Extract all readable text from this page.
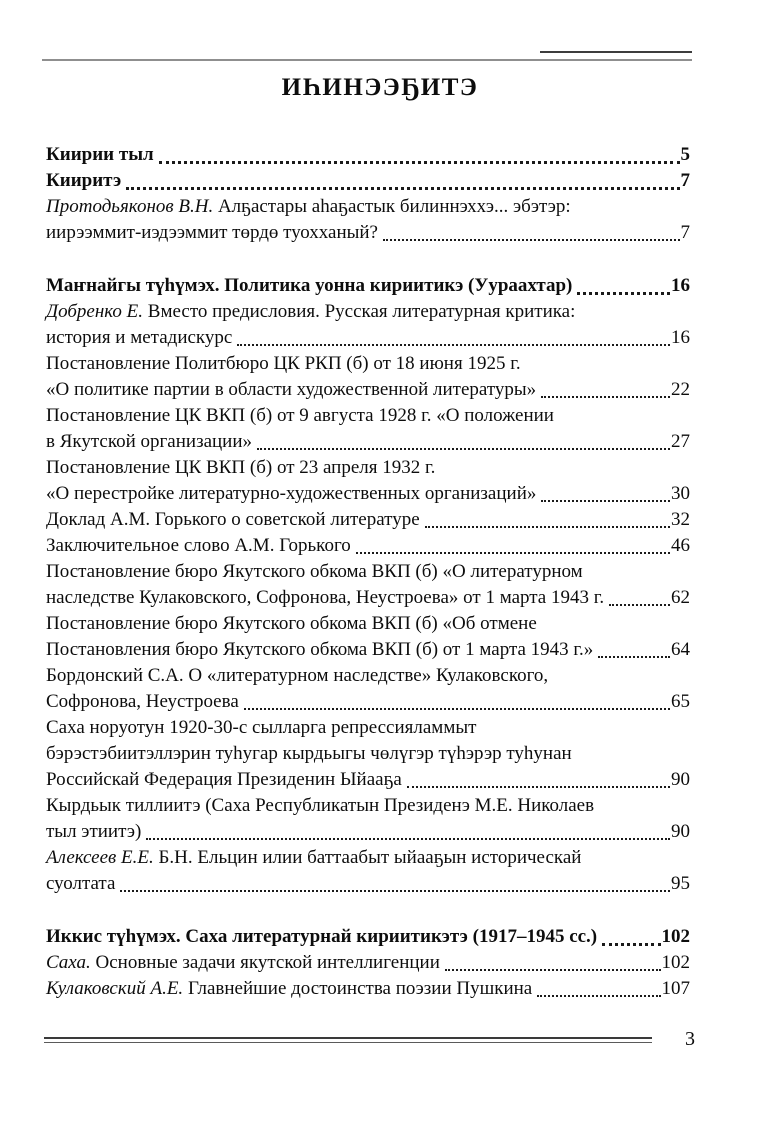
ИҺИНЭЭҔИТЭ
Киирии тыл	5
Кииритэ	7
Протодьяконов В.Н. Алҕастары аһаҕастык билиннэххэ... эбэтэр:
иирээммит-иэдээммит төрдө туохханый?	7
Маҥнайгы түһүмэх. Политика уонна кириитикэ (Уураахтар)	16
Добренко Е. Вместо предисловия. Русская литературная критика:
история и метадискурс	16
Постановление Политбюро ЦК РКП (б) от 18 июня 1925 г.
«О политике партии в области художественной литературы»	22
Постановление ЦК ВКП (б) от 9 августа 1928 г. «О положении
в Якутской организации»	27
Постановление ЦК ВКП (б) от 23 апреля 1932 г.
«О перестройке литературно-художественных организаций»	30
Доклад А.М. Горького о советской литературе	32
Заключительное слово А.М. Горького	46
Постановление бюро Якутского обкома ВКП (б) «О литературном
наследстве Кулаковского, Софронова, Неустроева» от 1 марта 1943 г.	62
Постановление бюро Якутского обкома ВКП (б) «Об отмене
Постановления бюро Якутского обкома ВКП (б) от 1 марта 1943 г.»	64
Бордонский С.А. О «литературном наследстве» Кулаковского,
Софронова, Неустроева	65
Саха норуотун 1920-30-с сылларга репрессияламмыт
бэрэстэбиитэллэрин туһугар кырдьыгы чөлүгэр түһэрэр туһунан
Российскай Федерация Президенин Ыйааҕа	90
Кырдьык тиллиитэ (Саха Республикатын Президенэ М.Е. Николаев
тыл этиитэ)	90
Алексеев Е.Е. Б.Н. Ельцин илии баттаабыт ыйааҕын историческай
суолтата	95
Иккис түһүмэх. Саха литературнай кириитикэтэ (1917–1945 сс.)	102
Саха. Основные задачи якутской интеллигенции	102
Кулаковский А.Е. Главнейшие достоинства поэзии Пушкина	107
3
